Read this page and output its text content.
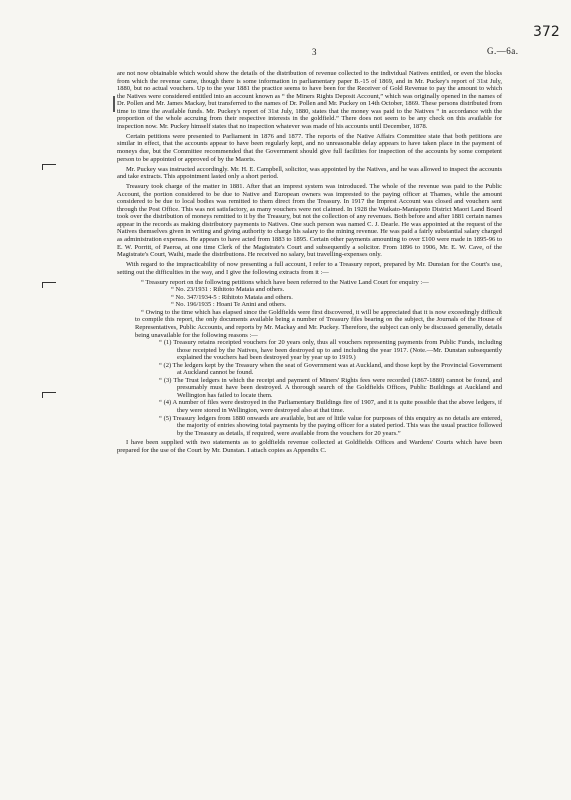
372
3	G.—6a.

are not now obtainable which would show the details of the distribution of revenue collected to the individual Natives entitled, or even the blocks from which the revenue came, though there is some information in parliamentary paper B.-15 of 1869, and in Mr. Puckey's report of 31st July, 1880, but no actual vouchers. Up to the year 1881 the practice seems to have been for the Receiver of Gold Revenue to pay the amount to which the Natives were considered entitled into an account known as “ the Miners Rights Deposit Account,” which was originally opened in the names of Dr. Pollen and Mr. James Mackay, but transferred to the names of Dr. Pollen and Mr. Puckey on 14th October, 1869. These persons distributed from time to time the available funds. Mr. Puckey's report of 31st July, 1880, states that the money was paid to the Natives “ in accordance with the proportion of the whole accruing from their respective interests in the goldfield.” There does not seem to be any check on this available for inspection now. Mr. Puckey himself states that no inspection whatever was made of his accounts until December, 1878.

Certain petitions were presented to Parliament in 1876 and 1877. The reports of the Native Affairs Committee state that both petitions are similar in effect, that the accounts appear to have been regularly kept, and no unreasonable delay appears to have taken place in the payment of moneys due, but the Committee recommended that the Government should give full facilities for inspection of the accounts by some competent person to be appointed or approved of by the Maoris.

Mr. Puckey was instructed accordingly. Mr. H. E. Campbell, solicitor, was appointed by the Natives, and he was allowed to inspect the accounts and take extracts. This appointment lasted only a short period.

Treasury took charge of the matter in 1881. After that an imprest system was introduced. The whole of the revenue was paid to the Public Account, the portion considered to be due to Native and European owners was imprested to the paying officer at Thames, while the amount considered to be due to local bodies was remitted to them direct from the Treasury. In 1917 the Imprest Account was closed and vouchers sent through the Post Office. This was not satisfactory, as many vouchers were not claimed. In 1928 the Waikato-Maniapoto District Maori Land Board took over the distribution of moneys remitted to it by the Treasury, but not the collection of any revenues. Both before and after 1881 certain names appear in the records as making distributory payments to Natives. One such person was named C. J. Dearle. He was appointed at the request of the Natives themselves given in writing and giving authority to charge his salary to the mining revenue. He was paid a fairly substantial salary charged as administration expenses. He appears to have acted from 1883 to 1895. Certain other payments amounting to over £100 were made in 1895-96 to E. W. Porritt, of Paeroa, at one time Clerk of the Magistrate's Court and subsequently a solicitor. From 1896 to 1906, Mr. E. W. Cave, of the Magistrate's Court, Waihi, made the distributions. He received no salary, but travelling-expenses only.

With regard to the impracticability of now presenting a full account, I refer to a Treasury report, prepared by Mr. Dunstan for the Court's use, setting out the difficulties in the way, and I give the following extracts from it :—

“ Treasury report on the following petitions which have been referred to the Native Land Court for enquiry :—
“ No. 23/1931 : Rihitoto Mataia and others.
“ No. 347/1934-5 : Rihitoto Mataia and others.
“ No. 196/1935 : Hoani Te Anini and others.
“ Owing to the time which has elapsed since the Goldfields were first discovered, it will be appreciated that it is now exceedingly difficult to compile this report, the only documents available being a number of Treasury files bearing on the subject, the Journals of the House of Representatives, Public Accounts, and reports by Mr. Mackay and Mr. Puckey. Therefore, the subject can only be discussed generally, details being unavailable for the following reasons :—
“ (1) Treasury retains receipted vouchers for 20 years only, thus all vouchers representing payments from Public Funds, including those receipted by the Natives, have been destroyed up to and including the year 1917. (Note.—Mr. Dunstan subsequently explained the vouchers had been destroyed year by year up to 1919.)
“ (2) The ledgers kept by the Treasury when the seat of Government was at Auckland, and those kept by the Provincial Government at Auckland cannot be found.
“ (3) The Trust ledgers in which the receipt and payment of Miners' Rights fees were recorded (1867-1880) cannot be found, and presumably must have been destroyed. A thorough search of the Goldfields Offices, Public Buildings at Auckland and Wellington has failed to locate them.
“ (4) A number of files were destroyed in the Parliamentary Buildings fire of 1907, and it is quite possible that the above ledgers, if they were stored in Wellington, were destroyed also at that time.
“ (5) Treasury ledgers from 1880 onwards are available, but are of little value for purposes of this enquiry as no details are entered, the majority of entries showing total payments by the paying officer for a stated period. This was the usual practice followed by the Treasury as details, if required, were available from the vouchers for 20 years.”

I have been supplied with two statements as to goldfields revenue collected at Goldfields Offices and Wardens' Courts which have been prepared for the use of the Court by Mr. Dunstan. I attach copies as Appendix C.
